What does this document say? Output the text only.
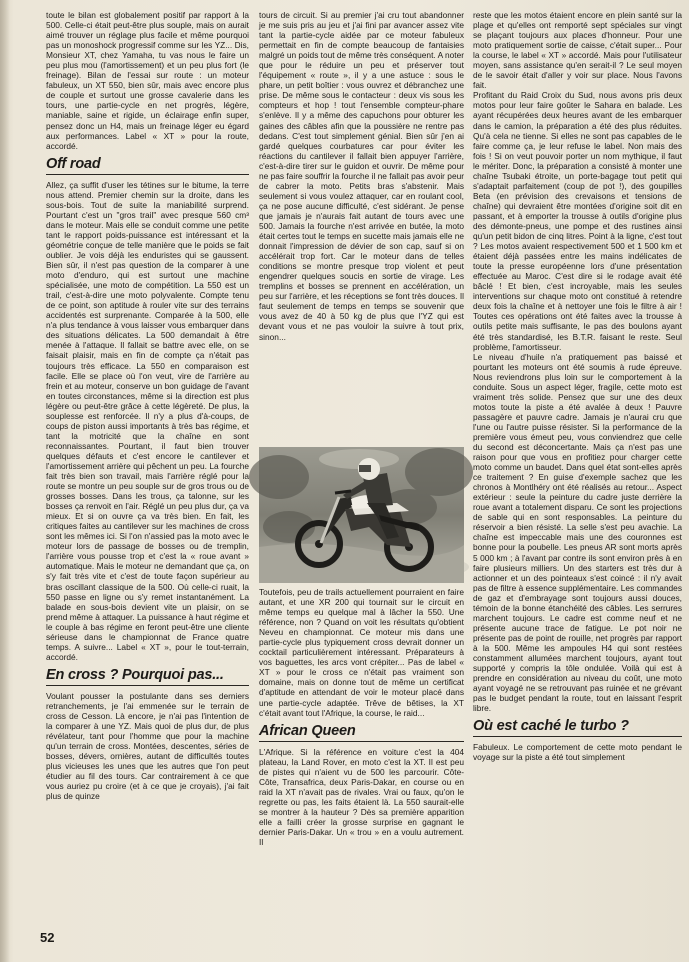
toute le bilan est globalement positif par rapport à la 500. Celle-ci était peut-être plus souple, mais on aurait aimé trouver un réglage plus facile et même pourquoi pas un monoshock progressif comme sur les YZ... Dis, Monsieur XT, chez Yamaha, tu vas nous le faire un peu plus mou (l'amortissement) et un peu plus fort (le freinage). Bilan de l'essai sur route : un moteur fabuleux, un XT 550, bien sûr, mais avec encore plus de couple et surtout une grosse cavalerie dans les tours, une partie-cycle en net progrès, légère, maniable, saine et rigide, un éclairage enfin super, pensez donc un H4, mais un freinage léger eu égard aux performances. Label « XT » pour la route, accordé.

Off road

Allez, ça suffit d'user les tétines sur le bitume, la terre nous attend. Premier chemin sur la droite, dans les sous-bois. Tout de suite la maniabilité surprend. Pourtant c'est un "gros trail" avec presque 560 cm³ dans le moteur. Mais elle se conduit comme une petite tant le rapport poids-puissance est intéressant et la géométrie conçue de telle manière que le poids se fait oublier. Je vois déjà les enduristes qui se gaussent. Bien sûr, il n'est pas question de la comparer à une moto d'enduro, qui est surtout une machine spécialisée, une moto de compétition. La 550 est un trail, c'est-à-dire une moto polyvalente. Compte tenu de ce point, son aptitude à rouler vite sur des terrains accidentés est surprenante. Comparée à la 500, elle n'a plus tendance à vous laisser vous embarquer dans des situations délicates. La 500 demandait à être menée à l'attaque. Il fallait se battre avec elle, on se faisait plaisir, mais en fin de compte ça n'était pas toujours très efficace. La 550 en comparaison est facile. Elle se place où l'on veut, vire de l'arrière au frein et au moteur, conserve un bon guidage de l'avant en toutes circonstances, même si la direction est plus légère ou peut-être grâce à cette légèreté. De plus, la souplesse est renforcée. Il n'y a plus d'à-coups, de coups de piston aussi importants à très bas régime, et tant la motricité que la chaîne en sont reconnaissantes. Pourtant, il faut bien trouver quelques défauts et c'est encore le cantilever et l'amortissement arrière qui pêchent un peu. La fourche fait très bien son travail, mais l'arrière réglé pour la route se montre un peu souple sur de gros trous ou de grosses bosses. Dans les trous, ça talonne, sur les bosses ça renvoit en l'air. Réglé un peu plus dur, ça va mieux. Et si on ouvre ça va très bien. En fait, les critiques faites au cantilever sur les machines de cross sont les mêmes ici. Si l'on n'assied pas la moto avec le moteur lors de passage de bosses ou de tremplin, l'arrière vous pousse trop et c'est la « roue avant » automatique. Mais le moteur ne demandant que ça, on s'y fait très vite et c'est de toute façon supérieur au bras oscillant classique de la 500. Où celle-ci ruait, la 550 passe en ligne ou s'y remet instantanément. La balade en sous-bois devient vite un plaisir, on se prend même à attaquer. La puissance à haut régime et le couple à bas régime en feront peut-être une cliente sérieuse dans le championnat de France quatre temps. A suivre... Label « XT », pour le tout-terrain, accordé.

En cross ? Pourquoi pas...

Voulant pousser la postulante dans ses derniers retranchements, je l'ai emmenée sur le terrain de cross de Cesson. Là encore, je n'ai pas l'intention de la comparer à une YZ. Mais quoi de plus dur, de plus révélateur, tant pour l'homme que pour la machine qu'un terrain de cross. Montées, descentes, séries de bosses, dévers, ornières, autant de difficultés toutes plus vicieuses les unes que les autres que l'on peut étudier au fil des tours. Car contrairement à ce que vous auriez pu croire (et à ce que je croyais), j'ai fait plus de quinze

tours de circuit. Si au premier j'ai cru tout abandonner je me suis pris au jeu et j'ai fini par avancer assez vite tant la partie-cycle aidée par ce moteur fabuleux permettait en fin de compte beaucoup de fantaisies malgré un poids tout de même très conséquent. A noter que pour le réduire un peu et préserver tout l'équipement « route », il y a une astuce : sous le phare, un petit boîtier : vous ouvrez et débranchez une prise. De même sous le contacteur : deux vis sous les compteurs et hop ! tout l'ensemble compteur-phare s'enlève. Il y a même des capuchons pour obturer les gaines des câbles afin que la poussière ne rentre pas dedans. C'est tout simplement génial. Bien sûr j'en ai gardé quelques courbatures car pour éviter les réactions du cantilever il fallait bien appuyer l'arrière, c'est-à-dire tirer sur le guidon et ouvrir. De même pour ne pas faire souffrir la fourche il ne fallait pas avoir peur de cabrer la moto. Petits bras s'abstenir. Mais seulement si vous voulez attaquer, car en roulant cool, ça ne pose aucune difficulté, c'est sidérant. Je pense que jamais je n'aurais fait autant de tours avec une 500. Jamais la fourche n'est arrivée en butée, la moto était certes tout le temps en sucette mais jamais elle ne donnait l'impression de dévier de son cap, sauf si on accélérait trop fort. Car le moteur dans de telles conditions se montre presque trop violent et peut engendrer quelques soucis en sortie de virage. Les tremplins et bosses se prennent en accélération, un peu sur l'arrière, et les réceptions se font très douces. Il faut seulement de temps en temps se souvenir que vous avez de 40 à 50 kg de plus que l'YZ qui est devant vous et ne pas vouloir la suivre à tout prix, sinon...

Toutefois, peu de trails actuellement pourraient en faire autant, et une XR 200 qui tournait sur le circuit en même temps eu quelque mal à lâcher la 550. Une référence, non ? Quand on voit les résultats qu'obtient Neveu en championnat. Ce moteur mis dans une partie-cycle plus typiquement cross devrait donner un cocktail particulièrement intéressant. Préparateurs à vos baguettes, les arcs vont crépiter... Pas de label « XT » pour le cross ce n'était pas vraiment son domaine, mais on donne tout de même un certificat d'aptitude en attendant de voir le moteur placé dans une partie-cycle adaptée. Trêve de bêtises, la XT c'était avant tout l'Afrique, la course, le raid...

African Queen

L'Afrique. Si la référence en voiture c'est la 404 plateau, la Land Rover, en moto c'est la XT. Il est peu de pistes qui n'aient vu de 500 les parcourir. Côte-Côte, Transafrica, deux Paris-Dakar, en course ou en raid la XT n'avait pas de rivales. Vrai ou faux, qu'on le regrette ou pas, les faits étaient là. La 550 saurait-elle se montrer à la hauteur ? Dès sa première apparition elle a failli créer la grosse surprise en gagnant le dernier Paris-Dakar. Un « trou » en a voulu autrement. Il

reste que les motos étaient encore en plein santé sur la plage et qu'elles ont remporté sept spéciales sur vingt se plaçant toujours aux places d'honneur. Pour une moto pratiquement sortie de caisse, c'était super... Pour la course, le label « XT » accordé. Mais pour l'utilisateur moyen, sans assistance qu'en serait-il ? Le seul moyen de le savoir était d'aller y voir sur place. Nous l'avons fait.

Profitant du Raid Croix du Sud, nous avons pris deux motos pour leur faire goûter le Sahara en balade. Les ayant récupérées deux heures avant de les embarquer dans le camion, la préparation a été des plus réduites. Qu'à cela ne tienne. Si elles ne sont pas capables de le faire comme ça, je leur refuse le label. Non mais des fois ! Si on veut pouvoir porter un nom mythique, il faut le mériter. Donc, la préparation a consisté à monter une chaîne Tsubaki étroite, un porte-bagage tout petit qui s'adaptait parfaitement (coup de pot !), des goupilles Beta (en prévision des crevaisons et tensions de chaîne) qui devraient être montées d'origine soit dit en passant, et à emporter la trousse à outils d'origine plus des démonte-pneus, une pompe et des rustines ainsi qu'un petit bidon de cinq litres. Point à la ligne, c'est tout ? Les motos avaient respectivement 500 et 1 500 km et étaient déjà passées entre les mains indélicates de toute la presse européenne lors d'une présentation effectuée au Maroc. C'est dire si le rodage avait été bâclé ! Et bien, c'est incroyable, mais les seules interventions sur chaque moto ont constitué à retendre deux fois la chaîne et à nettoyer une fois le filtre à air ! Toutes ces opérations ont été faites avec la trousse à outils petite mais suffisante, le pas des boulons ayant été très standardisé, les B.T.R. faisant le reste. Seul problème, l'amortisseur.

Le niveau d'huile n'a pratiquement pas baissé et pourtant les moteurs ont été soumis à rude épreuve. Nous reviendrons plus loin sur le comportement à la conduite. Sous un aspect léger, fragile, cette moto est vraiment très solide. Pensez que sur une des deux motos toute la piste a été avalée à deux ! Pauvre passagère et pauvre cadre. Jamais je n'aurai cru que l'une ou l'autre puisse résister. Si la performance de la première vous émeut peu, vous conviendrez que celle du second est déconcertante. Mais ça n'est pas une raison pour que vous en profitiez pour charger cette moto comme un baudet. Dans quel état sont-elles après ce traitement ? En guise d'exemple sachez que les chronos à Montlhéry ont été réalisés au retour... Aspect extérieur : seule la peinture du cadre juste derrière la roue avant a totalement disparu. Ce sont les projections de sable qui en sont responsables. La peinture du réservoir a bien résisté. La selle s'est peu avachie. La chaîne est impeccable mais une des couronnes est bonne pour la poubelle. Les pneus AR sont morts après 5 000 km ; à l'avant par contre ils sont environ près à en faire plusieurs milliers. Un des starters est très dur à actionner et un des pointeaux s'est coincé : il n'y avait pas de filtre à essence supplémentaire. Les commandes de gaz et d'embrayage sont toujours aussi douces, témoin de la bonne étanchéité des câbles. Les serrures marchent toujours. Le cadre est comme neuf et ne présente aucune trace de fatigue. Le pot noir ne présente pas de point de rouille, net progrès par rapport à la 500. Même les ampoules H4 qui sont restées constamment allumées marchent toujours, ayant tout supporté y compris la tôle ondulée. Voilà qui est à prendre en considération au niveau du coût, une moto ayant voyagé ne se retrouvant pas ruinée et ne grévant pas le budget pendant la route, tout en laissant l'esprit libre.

Où est caché le turbo ?

Fabuleux. Le comportement de cette moto pendant le voyage sur la piste a été tout simplement

52
